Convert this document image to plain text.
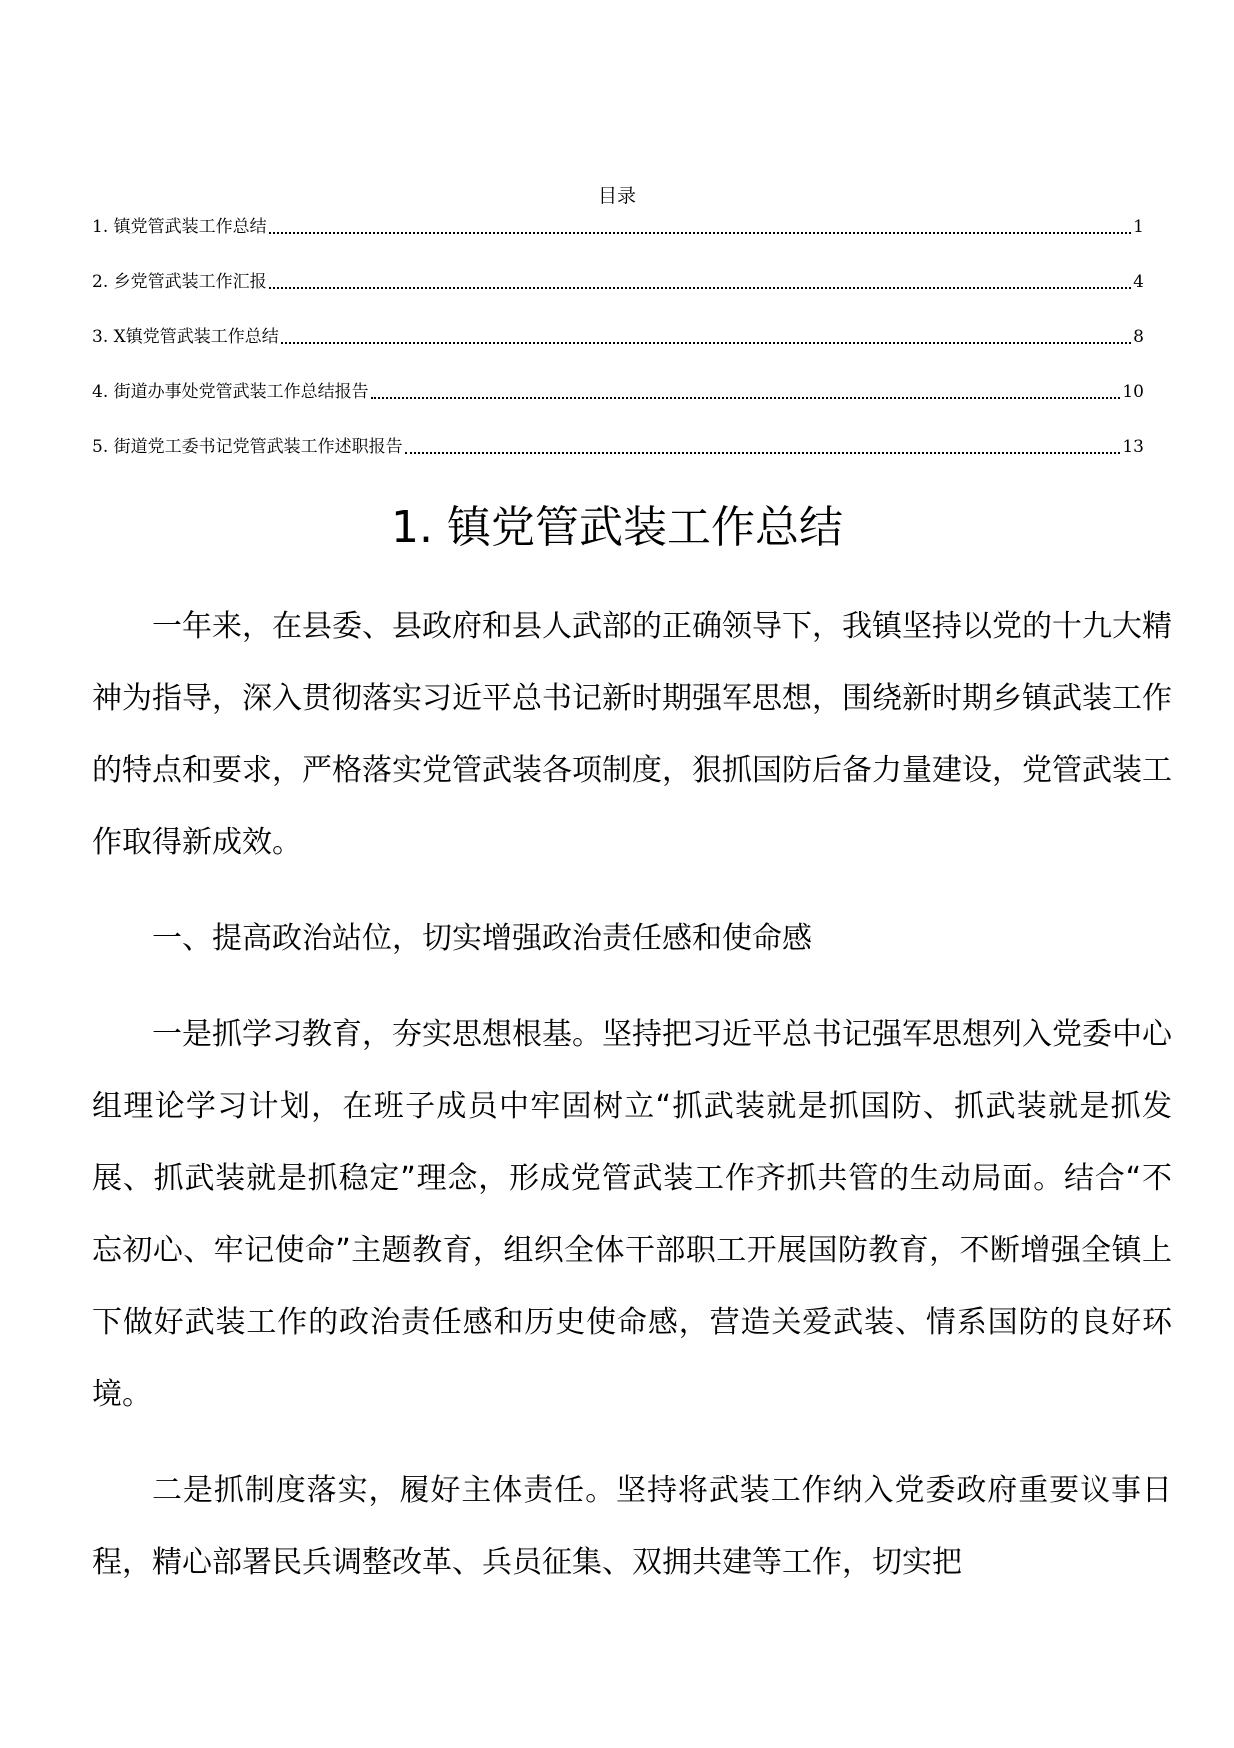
目录
1. 镇党管武装工作总结	1
2. 乡党管武装工作汇报	4
3. X镇党管武装工作总结	8
4. 街道办事处党管武装工作总结报告	10
5. 街道党工委书记党管武装工作述职报告	13
1. 镇党管武装工作总结

一年来，在县委、县政府和县人武部的正确领导下，我镇坚持以党的十九大精神为指导，深入贯彻落实习近平总书记新时期强军思想，围绕新时期乡镇武装工作的特点和要求，严格落实党管武装各项制度，狠抓国防后备力量建设，党管武装工作取得新成效。

一、提高政治站位，切实增强政治责任感和使命感

一是抓学习教育，夯实思想根基。坚持把习近平总书记强军思想列入党委中心组理论学习计划，在班子成员中牢固树立“抓武装就是抓国防、抓武装就是抓发展、抓武装就是抓稳定”理念，形成党管武装工作齐抓共管的生动局面。结合“不忘初心、牢记使命”主题教育，组织全体干部职工开展国防教育，不断增强全镇上下做好武装工作的政治责任感和历史使命感，营造关爱武装、情系国防的良好环境。

二是抓制度落实，履好主体责任。坚持将武装工作纳入党委政府重要议事日程，精心部署民兵调整改革、兵员征集、双拥共建等工作，切实把
